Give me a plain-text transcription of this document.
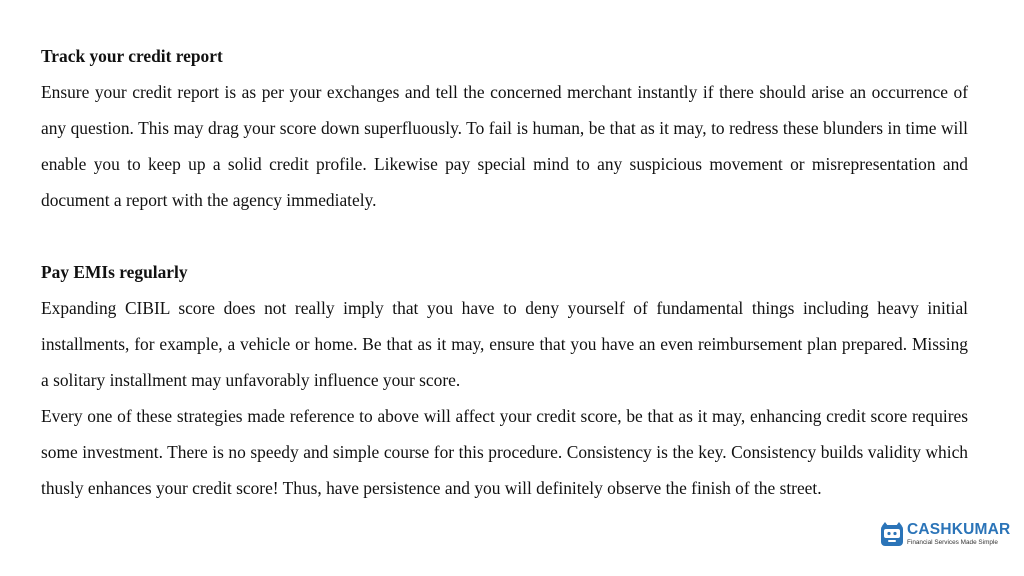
Track your credit report

Ensure your credit report is as per your exchanges and tell the concerned merchant instantly if there should arise an occurrence of any question. This may drag your score down superfluously. To fail is human, be that as it may, to redress these blunders in time will enable you to keep up a solid credit profile. Likewise pay special mind to any suspicious movement or misrepresentation and document a report with the agency immediately.

Pay EMIs regularly

Expanding CIBIL score does not really imply that you have to deny yourself of fundamental things including heavy initial installments, for example, a vehicle or home. Be that as it may, ensure that you have an even reimbursement plan prepared. Missing a solitary installment may unfavorably influence your score.

Every one of these strategies made reference to above will affect your credit score, be that as it may, enhancing credit score requires some investment. There is no speedy and simple course for this procedure. Consistency is the key. Consistency builds validity which thusly enhances your credit score! Thus, have persistence and you will definitely observe the finish of the street.

CASHKUMAR
Financial Services Made Simple
